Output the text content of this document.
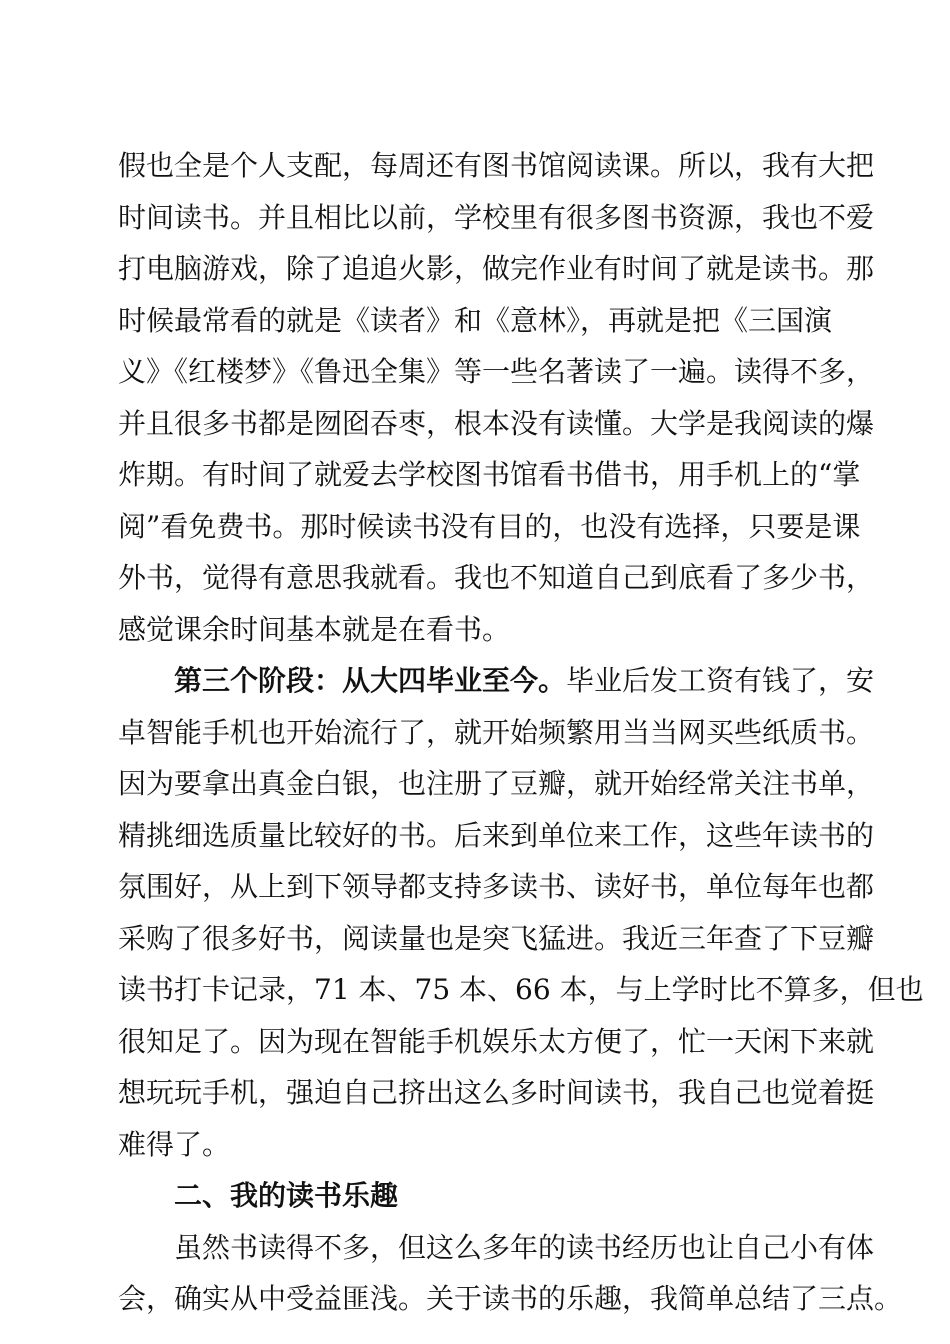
假也全是个人支配，每周还有图书馆阅读课。所以，我有大把
时间读书。并且相比以前，学校里有很多图书资源，我也不爱
打电脑游戏，除了追追火影，做完作业有时间了就是读书。那
时候最常看的就是《读者》和《意林》，再就是把《三国演
义》《红楼梦》《鲁迅全集》等一些名著读了一遍。读得不多，
并且很多书都是囫囵吞枣，根本没有读懂。大学是我阅读的爆
炸期。有时间了就爱去学校图书馆看书借书，用手机上的“掌
阅”看免费书。那时候读书没有目的，也没有选择，只要是课
外书，觉得有意思我就看。我也不知道自己到底看了多少书，
感觉课余时间基本就是在看书。
第三个阶段：从大四毕业至今。毕业后发工资有钱了，安
卓智能手机也开始流行了，就开始频繁用当当网买些纸质书。
因为要拿出真金白银，也注册了豆瓣，就开始经常关注书单，
精挑细选质量比较好的书。后来到单位来工作，这些年读书的
氛围好，从上到下领导都支持多读书、读好书，单位每年也都
采购了很多好书，阅读量也是突飞猛进。我近三年查了下豆瓣
读书打卡记录，71 本、75 本、66 本，与上学时比不算多，但也
很知足了。因为现在智能手机娱乐太方便了，忙一天闲下来就
想玩玩手机，强迫自己挤出这么多时间读书，我自己也觉着挺
难得了。
二、我的读书乐趣
虽然书读得不多，但这么多年的读书经历也让自己小有体
会，确实从中受益匪浅。关于读书的乐趣，我简单总结了三点。
